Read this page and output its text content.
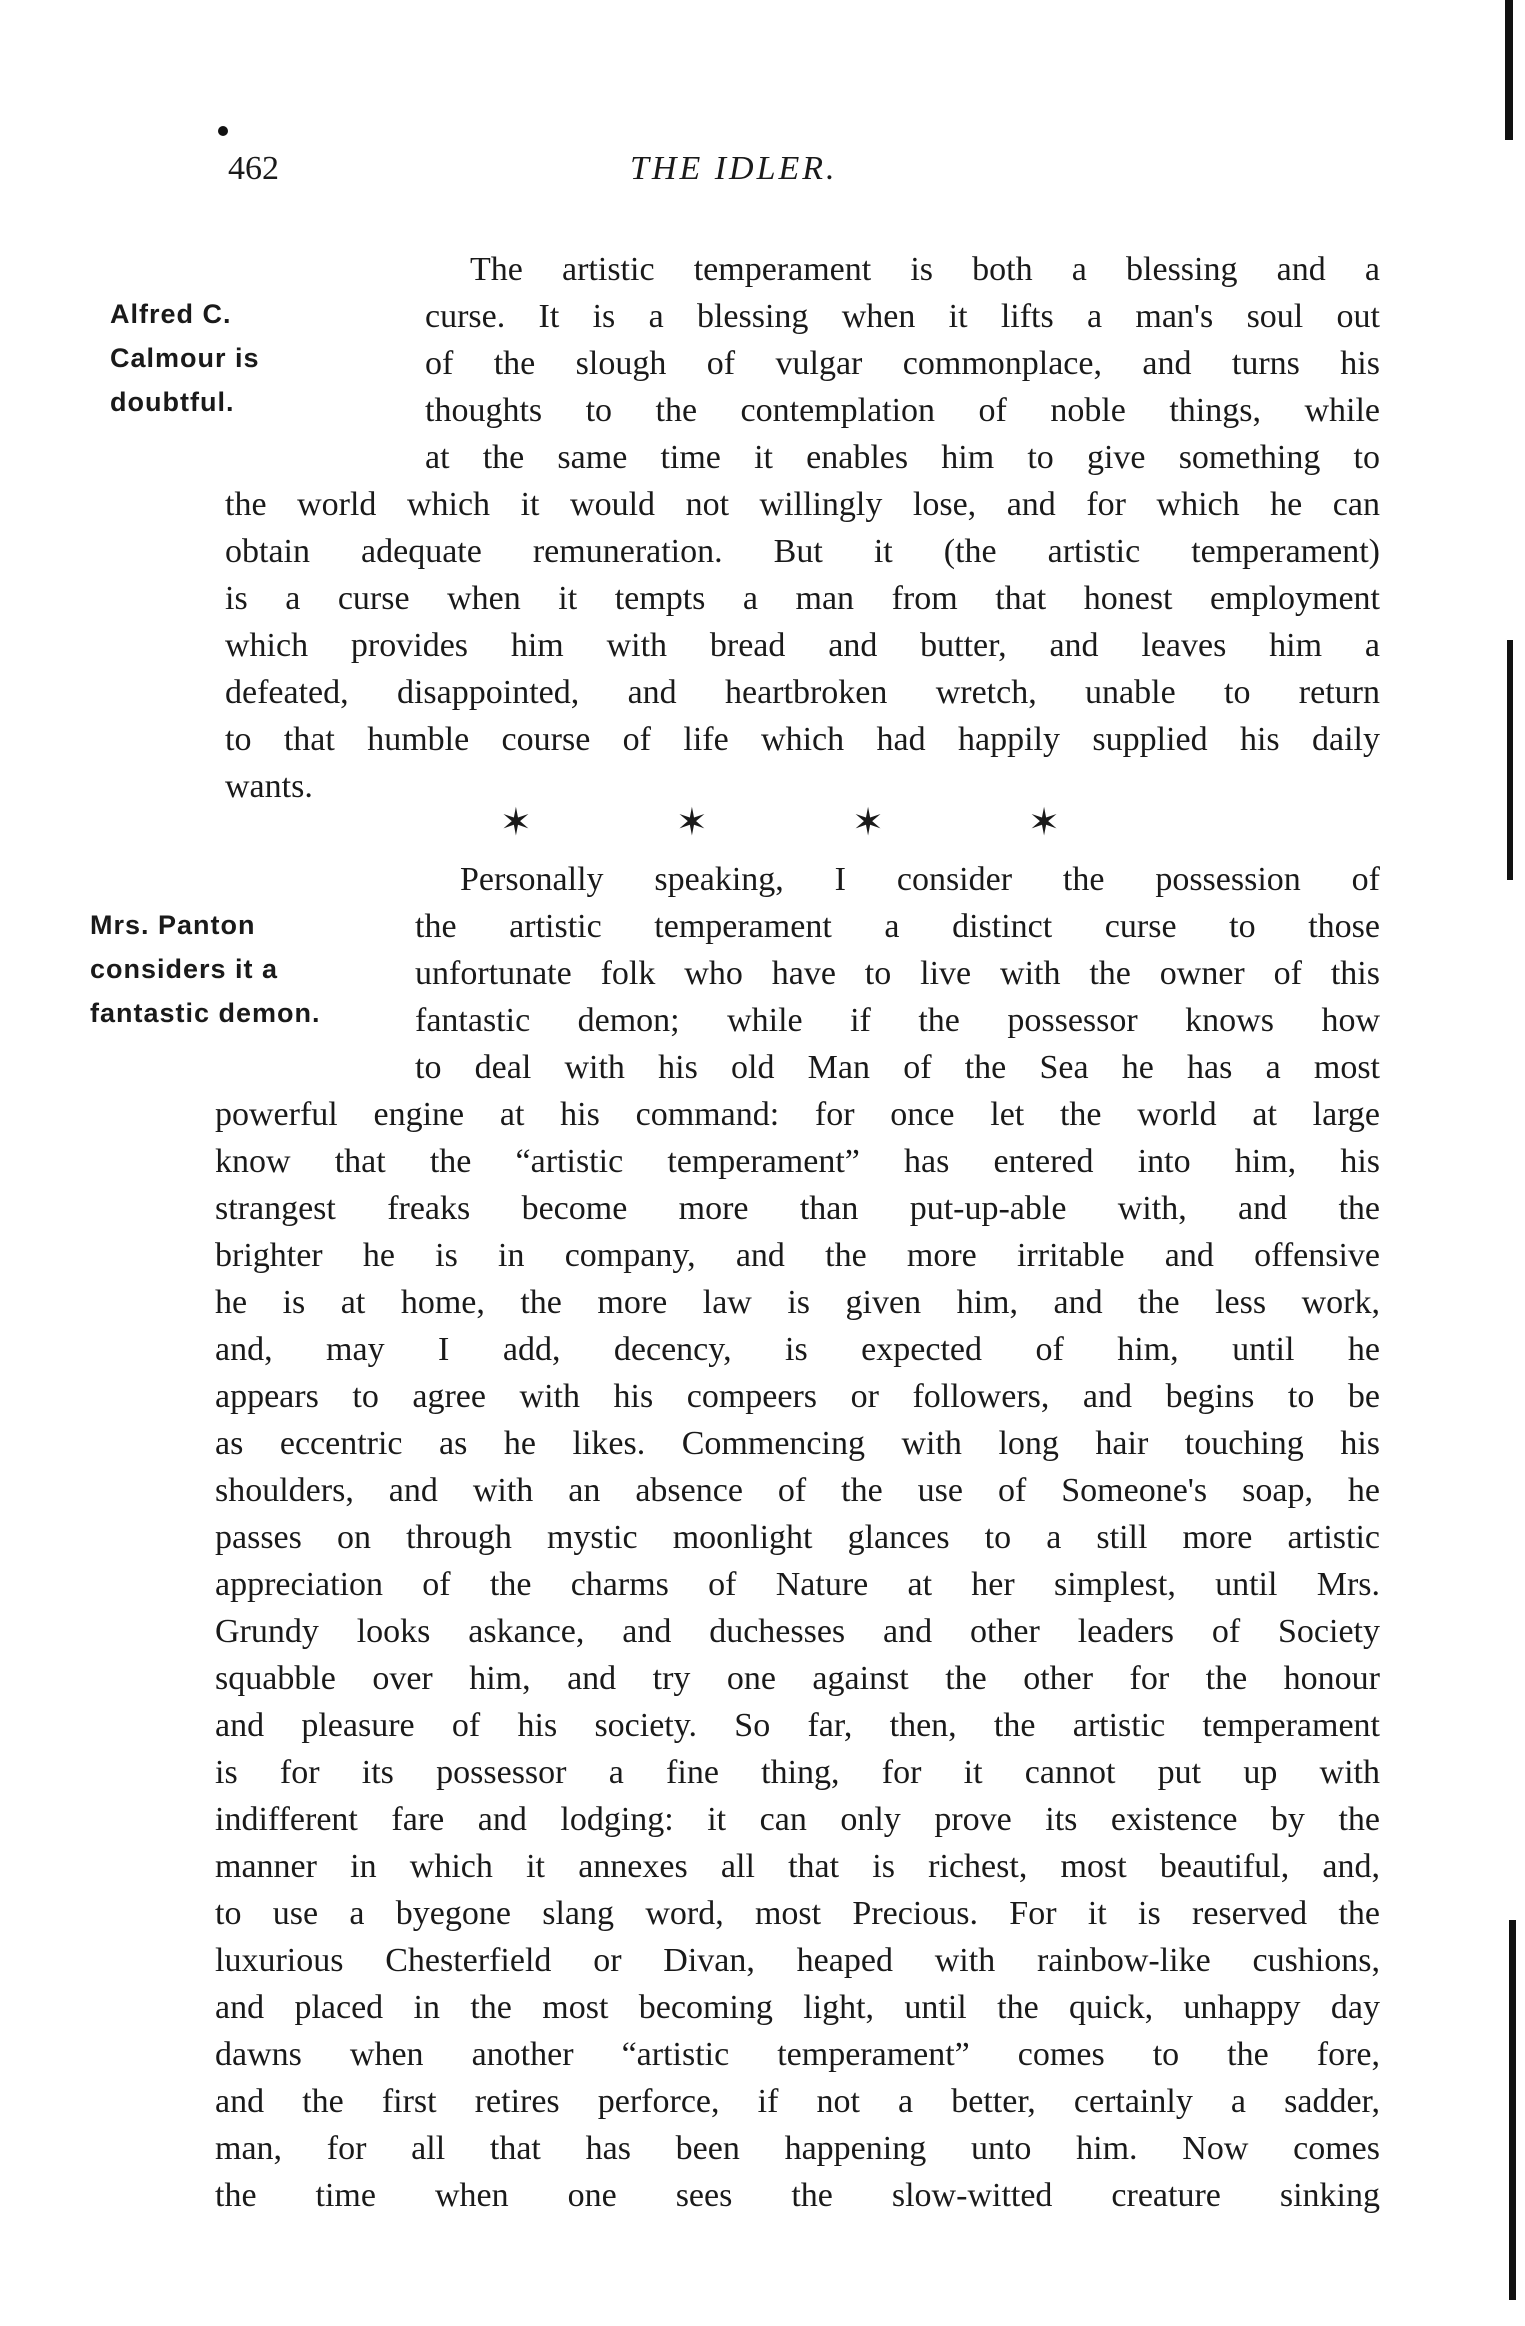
462	THE IDLER.
Alfred C.
Calmour is
doubtful.
Mrs. Panton
considers it a
fantastic demon.
The artistic temperament is both a blessing and a
curse. It is a blessing when it lifts a man's soul out
of the slough of vulgar commonplace, and turns his
thoughts to the contemplation of noble things, while
at the same time it enables him to give something to
the world which it would not willingly lose, and for which he can
obtain adequate remuneration. But it (the artistic temperament)
is a curse when it tempts a man from that honest employment
which provides him with bread and butter, and leaves him a
defeated, disappointed, and heartbroken wretch, unable to return
to that humble course of life which had happily supplied his daily
wants.
✶	✶	✶	✶
Personally speaking, I consider the possession of
the artistic temperament a distinct curse to those
unfortunate folk who have to live with the owner of this
fantastic demon; while if the possessor knows how
to deal with his old Man of the Sea he has a most
powerful engine at his command: for once let the world at large
know that the “artistic temperament” has entered into him, his
strangest freaks become more than put-up-able with, and the
brighter he is in company, and the more irritable and offensive
he is at home, the more law is given him, and the less work,
and, may I add, decency, is expected of him, until he
appears to agree with his compeers or followers, and begins to be
as eccentric as he likes. Commencing with long hair touching his
shoulders, and with an absence of the use of Someone's soap, he
passes on through mystic moonlight glances to a still more artistic
appreciation of the charms of Nature at her simplest, until Mrs.
Grundy looks askance, and duchesses and other leaders of Society
squabble over him, and try one against the other for the honour
and pleasure of his society. So far, then, the artistic temperament
is for its possessor a fine thing, for it cannot put up with
indifferent fare and lodging: it can only prove its existence by the
manner in which it annexes all that is richest, most beautiful, and,
to use a byegone slang word, most Precious. For it is reserved the
luxurious Chesterfield or Divan, heaped with rainbow-like cushions,
and placed in the most becoming light, until the quick, unhappy day
dawns when another “artistic temperament” comes to the fore,
and the first retires perforce, if not a better, certainly a sadder,
man, for all that has been happening unto him. Now comes
the time when one sees the slow-witted creature sinking
